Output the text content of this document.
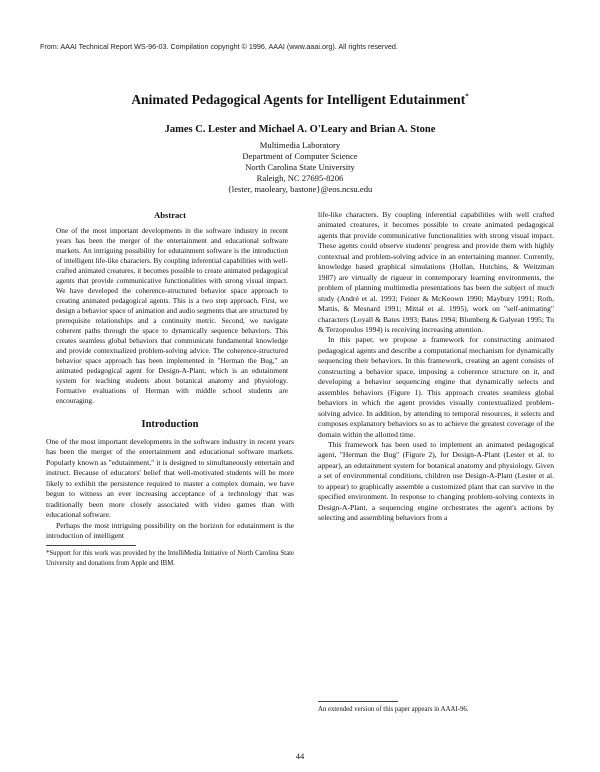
From: AAAI Technical Report WS-96-03. Compilation copyright © 1996, AAAI (www.aaai.org). All rights reserved.
Animated Pedagogical Agents for Intelligent Edutainment*
James C. Lester and Michael A. O'Leary and Brian A. Stone
Multimedia Laboratory
Department of Computer Science
North Carolina State University
Raleigh, NC 27695-8206
{lester, maoleary, bastone}@eos.ncsu.edu
Abstract

One of the most important developments in the software industry in recent years has been the merger of the entertainment and educational software markets. An intriguing possibility for edutainment software is the introduction of intelligent life-like characters. By coupling inferential capabilities with well-crafted animated creatures, it becomes possible to create animated pedagogical agents that provide communicative functionalities with strong visual impact. We have developed the coherence-structured behavior space approach to creating animated pedagogical agents. This is a two step approach. First, we design a behavior space of animation and audio segments that are structured by prerequisite relationships and a continuity metric. Second, we navigate coherent paths through the space to dynamically sequence behaviors. This creates seamless global behaviors that communicate fundamental knowledge and provide contextualized problem-solving advice. The coherence-structured behavior space approach has been implemented in "Herman the Bug," an animated pedagogical agent for Design-A-Plant, which is an edutainment system for teaching students about botanical anatomy and physiology. Formative evaluations of Herman with middle school students are encouraging.

Introduction

One of the most important developments in the software industry in recent years has been the merger of the entertainment and educational software markets. Popularly known as "edutainment," it is designed to simultaneously entertain and instruct. Because of educators' belief that well-motivated students will be more likely to exhibit the persistence required to master a complex domain, we have begun to witness an ever increasing acceptance of a technology that was traditionally been more closely associated with video games than with educational software.

Perhaps the most intriguing possibility on the horizon for edutainment is the introduction of intelligent

*Support for this work was provided by the IntelliMedia Initiative of North Carolina State University and donations from Apple and IBM.

life-like characters. By coupling inferential capabilities with well crafted animated creatures, it becomes possible to create animated pedagogical agents that provide communicative functionalities with strong visual impact. These agents could observe students' progress and provide them with highly contextual and problem-solving advice in an entertaining manner. Currently, knowledge based graphical simulations (Hollan, Hutchins, & Weitzman 1987) are virtually de rigueur in contemporary learning environments, the problem of planning multimedia presentations has been the subject of much study (André et al. 1993; Feiner & McKeown 1990; Maybury 1991; Roth, Mattis, & Mesnard 1991; Mittal et al. 1995), work on "self-animating" characters (Loyall & Bates 1993; Bates 1994; Blumberg & Galyean 1995; Tu & Terzopoulos 1994) is receiving increasing attention.

In this paper, we propose a framework for constructing animated pedagogical agents and describe a computational mechanism for dynamically sequencing their behaviors. In this framework, creating an agent consists of constructing a behavior space, imposing a coherence structure on it, and developing a behavior sequencing engine that dynamically selects and assembles behaviors (Figure 1). This approach creates seamless global behaviors in which the agent provides visually contextualized problem-solving advice. In addition, by attending to temporal resources, it selects and composes explanatory behaviors so as to achieve the greatest coverage of the domain within the allotted time.

This framework has been used to implement an animated pedagogical agent, "Herman the Bug" (Figure 2), for Design-A-Plant (Lester et al. to appear), an edutainment system for botanical anatomy and physiology. Given a set of environmental conditions, children use Design-A-Plant (Lester et al. to appear) to graphically assemble a customized plant that can survive in the specified environment. In response to changing problem-solving contexts in Design-A-Plant, a sequencing engine orchestrates the agent's actions by selecting and assembling behaviors from a

An extended version of this paper appears in AAAI-96.

44
